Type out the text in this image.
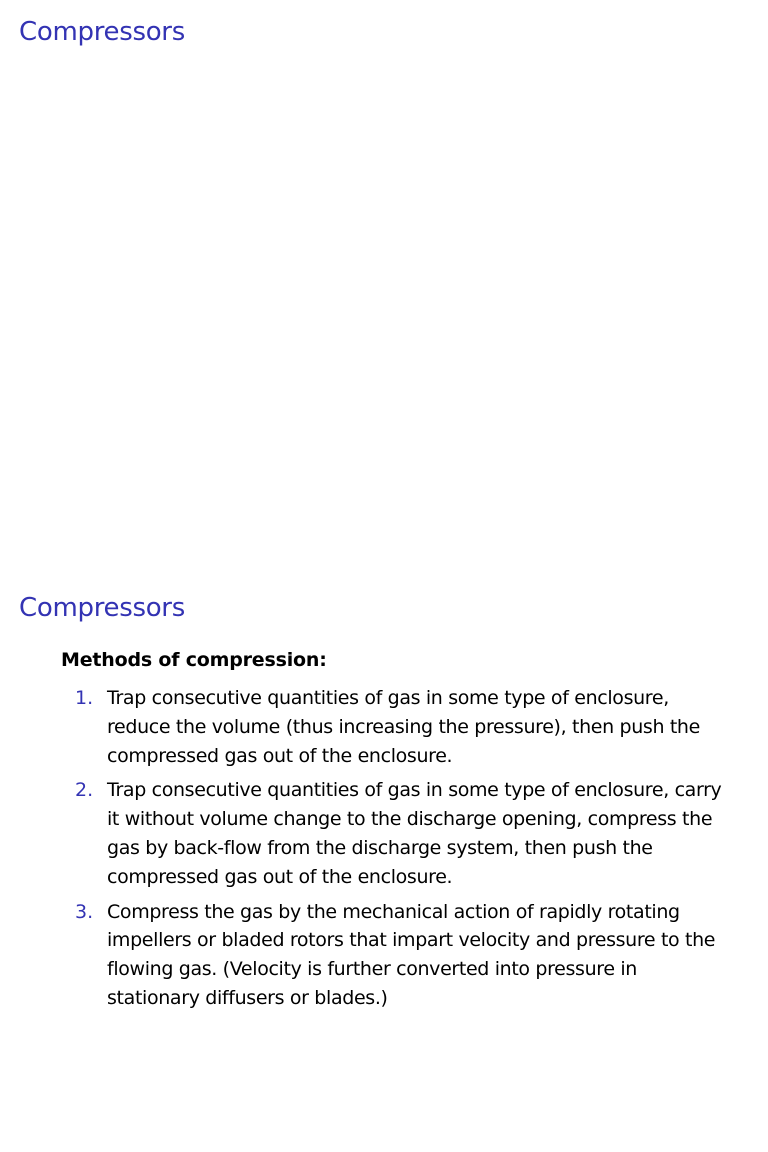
Compressors
Compressors
Methods of compression:
1. Trap consecutive quantities of gas in some type of enclosure, reduce the volume (thus increasing the pressure), then push the compressed gas out of the enclosure.
2. Trap consecutive quantities of gas in some type of enclosure, carry it without volume change to the discharge opening, compress the gas by back-flow from the discharge system, then push the compressed gas out of the enclosure.
3. Compress the gas by the mechanical action of rapidly rotating impellers or bladed rotors that impart velocity and pressure to the flowing gas. (Velocity is further converted into pressure in stationary diffusers or blades.)
